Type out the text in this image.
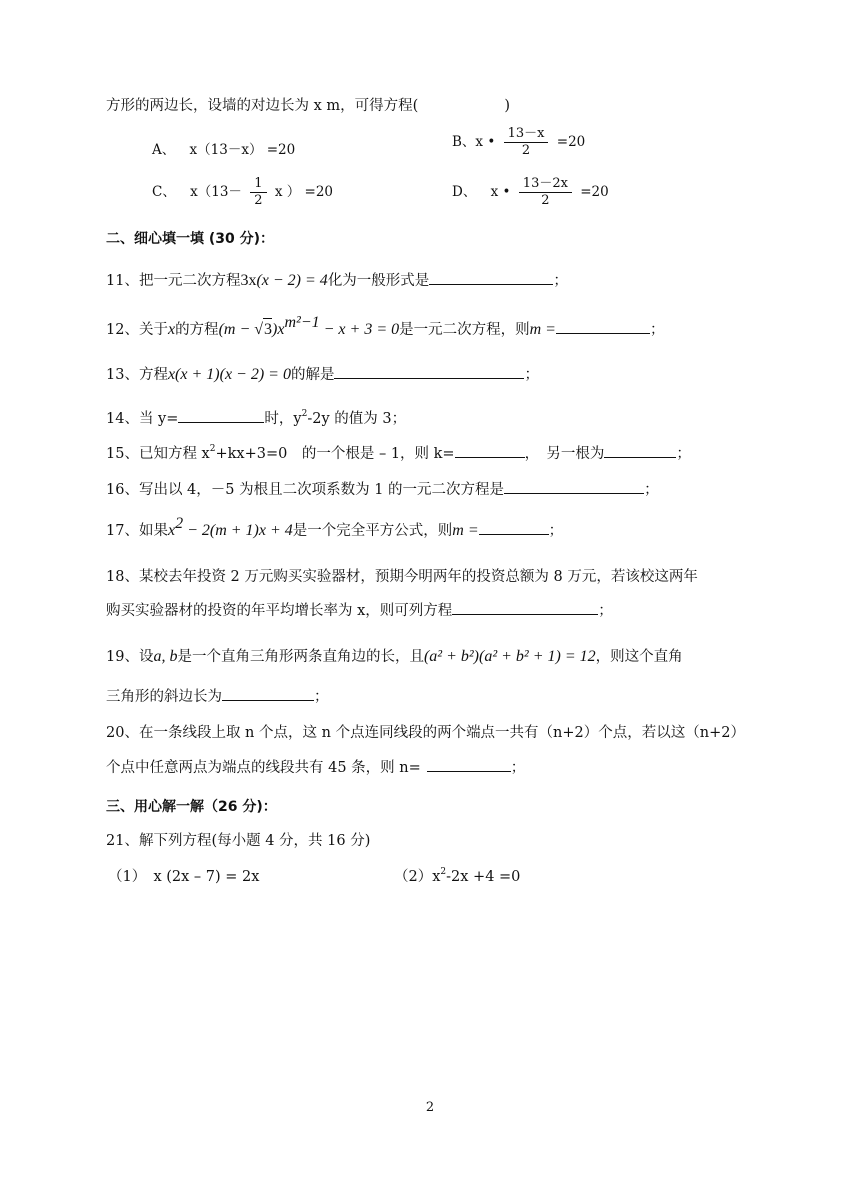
方形的两边长，设墙的对边长为 x m，可得方程(	)
A、 x（13－x） =20	B、x • $\frac{13-x}{2} =20$
C、 $x(13- \frac{1}{2}$ x ） =20	D、 x • $\frac{13-2x}{2} =20$
二、细心填一填 (30 分)：
11、把一元二次方程3x(x − 2) = 4化为一般形式是	；
12、关于x的方程$(m - √3)x^{m^2-1} - x + 3 = 0$是一元二次方程，则m =	；
13、方程x(x + 1)(x − 2) = 0的解是	；
14、当 y=	时，$y^2-2y$ 的值为 3；
15、已知方程 $x^2+kx+3=0$　的一个根是 – 1，则 k=	，　另一根为	；
16、写出以 4，－5 为根且二次项系数为 1 的一元二次方程是	；
17、如果$x^2 - 2(m + 1)x + 4$是一个完全平方公式，则m =	；
18、某校去年投资 2 万元购买实验器材，预期今明两年的投资总额为 8 万元，若该校这两年
购买实验器材的投资的年平均增长率为 x，则可列方程	；
19、设a, b是一个直角三角形两条直角边的长，且(a² + b²)(a² + b² + 1) = 12，则这个直角
三角形的斜边长为	；
20、在一条线段上取 n 个点，这 n 个点连同线段的两个端点一共有（n+2）个点，若以这（n+2）
个点中任意两点为端点的线段共有 45 条，则 n=	；
三、用心解一解（26 分)：
21、解下列方程(每小题 4 分，共 16 分)
（1）　x (2x – 7) = 2x	$(2)x^2-2x +4 =0$
2
